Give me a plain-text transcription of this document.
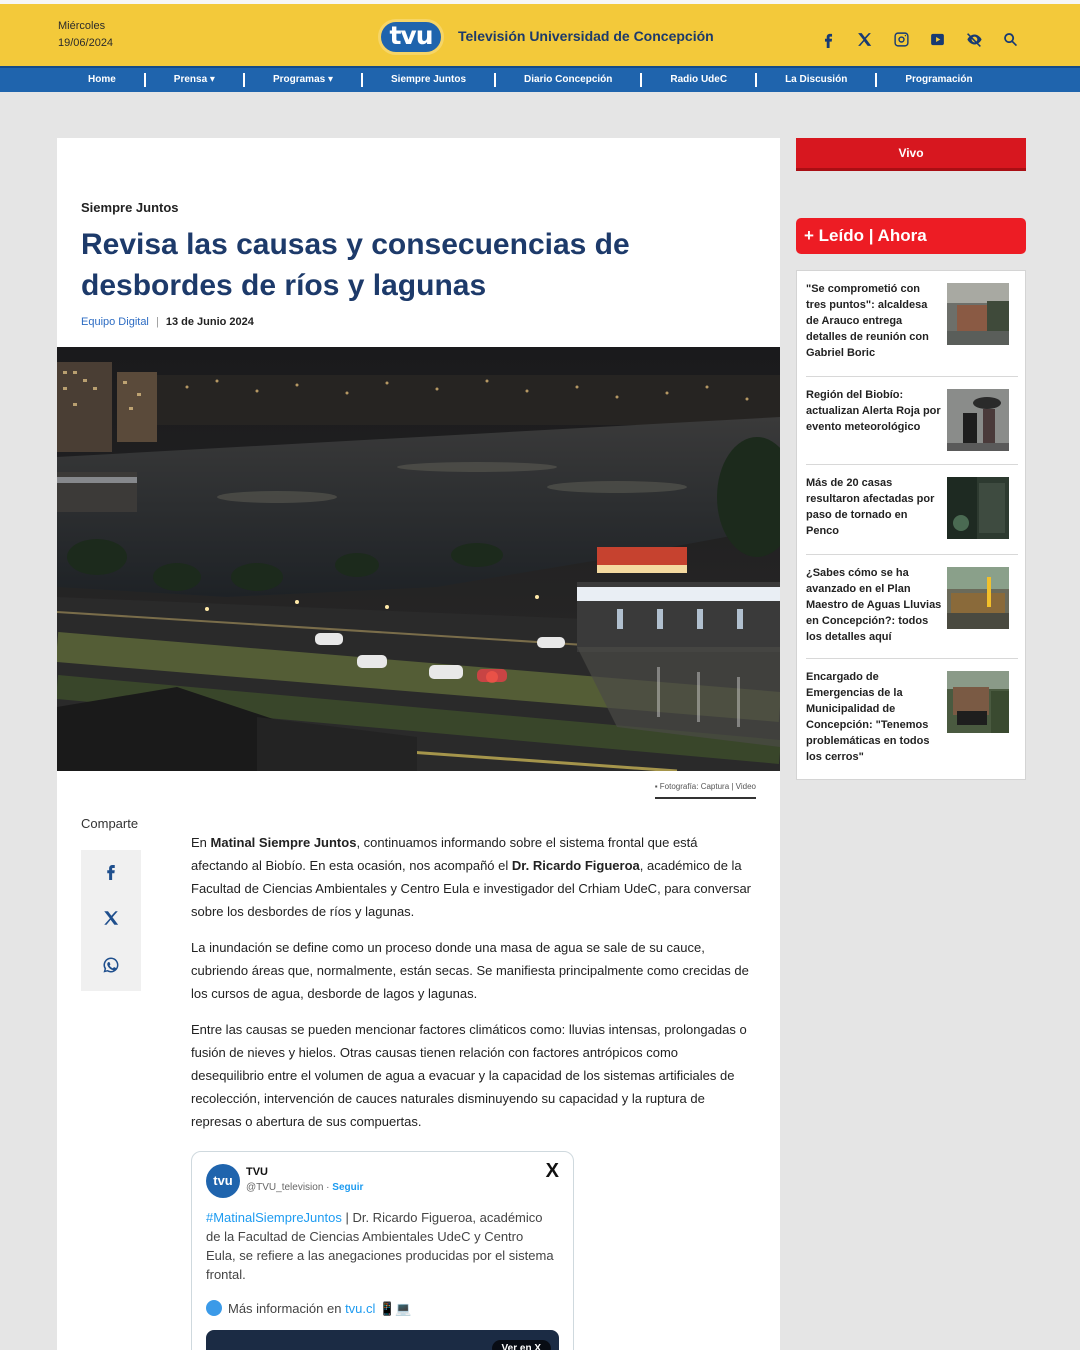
Miércoles
19/06/2024	tvu	Televisión Universidad de Concepción
Home	Prensa ▾	Programas ▾	Siempre Juntos	Diario Concepción	Radio UdeC	La Discusión	Programación
Siempre Juntos
Revisa las causas y consecuencias de desbordes de ríos y lagunas
Equipo Digital | 13 de Junio 2024
▪ Fotografía: Captura | Video
Comparte

En Matinal Siempre Juntos, continuamos informando sobre el sistema frontal que está afectando al Biobío. En esta ocasión, nos acompañó el Dr. Ricardo Figueroa, académico de la Facultad de Ciencias Ambientales y Centro Eula e investigador del Crhiam UdeC, para conversar sobre los desbordes de ríos y lagunas.

La inundación se define como un proceso donde una masa de agua se sale de su cauce, cubriendo áreas que, normalmente, están secas. Se manifiesta principalmente como crecidas de los cursos de agua, desborde de lagos y lagunas.

Entre las causas se pueden mencionar factores climáticos como: lluvias intensas, prolongadas o fusión de nieves y hielos. Otras causas tienen relación con factores antrópicos como desequilibrio entre el volumen de agua a evacuar y la capacidad de los sistemas artificiales de recolección, intervención de cauces naturales disminuyendo su capacidad y la ruptura de represas o abertura de sus compuertas.

tvu
TVU
@TVU_television · Seguir
X
#MatinalSiempreJuntos | Dr. Ricardo Figueroa, académico de la Facultad de Ciencias Ambientales UdeC y Centro Eula, se refiere a las anegaciones producidas por el sistema frontal.
Más información en tvu.cl 📱💻
Ver en X
Vivo
+ Leído | Ahora
"Se comprometió con tres puntos": alcaldesa de Arauco entrega detalles de reunión con Gabriel Boric
Región del Biobío: actualizan Alerta Roja por evento meteorológico
Más de 20 casas resultaron afectadas por paso de tornado en Penco
¿Sabes cómo se ha avanzado en el Plan Maestro de Aguas Lluvias en Concepción?: todos los detalles aquí
Encargado de Emergencias de la Municipalidad de Concepción: "Tenemos problemáticas en todos los cerros"
